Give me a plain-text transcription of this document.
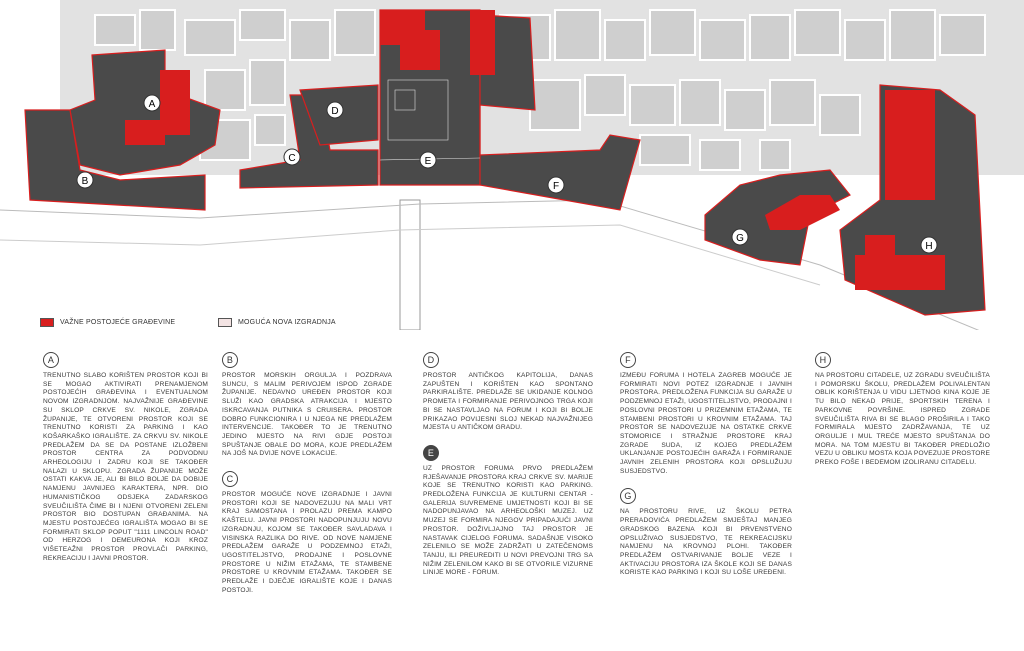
A
B
C
D
E
F
G
H
VAŽNE POSTOJEĆE GRAĐEVINE	MOGUĆA NOVA IZGRADNJA
A
TRENUTNO SLABO KORIŠTEN PROSTOR KOJI BI SE MOGAO AKTIVIRATI PRENAMJENOM POSTOJEĆIH GRAĐEVINA I EVENTUALNOM NOVOM IZGRADNJOM. NAJVAŽNIJE GRAĐEVINE SU SKLOP CRKVE SV. NIKOLE, ZGRADA ŽUPANIJE, TE OTVORENI PROSTOR KOJI SE TRENUTNO KORISTI ZA PARKING I KAO KOŠARKAŠKO IGRALIŠTE. ZA CRKVU SV. NIKOLE PREDLAŽEM DA SE DA POSTANE IZLOŽBENI PROSTOR CENTRA ZA PODVODNU ARHEOLOGIJU I ZADRU KOJI SE TAKOĐER NALAZI U SKLOPU. ZGRADA ŽUPANIJE MOŽE OSTATI KAKVA JE, ALI BI BILO BOLJE DA DOBIJE NAMJENU JAVNIJEG KARAKTERA, NPR. DIO HUMANISTIČKOG ODSJEKA ZADARSKOG SVEUČILIŠTA ČIME BI I NJENI OTVORENI ZELENI PROSTOR BIO DOSTUPAN GRAĐANIMA. NA MJESTU POSTOJEĆEG IGRALIŠTA MOGAO BI SE FORMIRATI SKLOP POPUT "1111 LINCOLN ROAD" OD HERZOG I DEMEURONA KOJI KROZ VIŠETEAŽNI PROSTOR PROVLAČI PARKING, REKREACIJU I JAVNI PROSTOR.
B
PROSTOR MORSKIH ORGULJA I POZDRAVA SUNCU, S MALIM PERIVOJEM ISPOD ZGRADE ŽUPANIJE. NEDAVNO UREĐEN PROSTOR KOJI SLUŽI KAO GRADSKA ATRAKCIJA I MJESTO ISKRCAVANJA PUTNIKA S CRUISERA. PROSTOR DOBRO FUNKCIONIRA I U NJEGA NE PREDLAŽEM INTERVENCIJE. TAKOĐER TO JE TRENUTNO JEDINO MJESTO NA RIVI GDJE POSTOJI SPUŠTANJE OBALE DO MORA, KOJE PREDLAŽEM NA JOŠ NA DVIJE NOVE LOKACIJE.
C
PROSTOR MOGUĆE NOVE IZGRADNJE I JAVNI PROSTORI KOJI SE NADOVEZUJU NA MALI VRT KRAJ SAMOSTANA I PROLAZU PREMA KAMPO KAŠTELU. JAVNI PROSTORI NADOPUNJUJU NOVU IZGRADNJU, KOJOM SE TAKOĐER SAVLADAVA I VISINSKA RAZLIKA DO RIVE. OD NOVE NAMJENE PREDLAŽEM GARAŽE U PODZEMNOJ ETAŽI, UGOSTITELJSTVO, PRODAJNE I POSLOVNE PROSTORE U NIŽIM ETAŽAMA, TE STAMBENE PROSTORE U KROVNIM ETAŽAMA. TAKOĐER SE PREDLAŽE I DJEČJE IGRALIŠTE KOJE I DANAS POSTOJI.
D
PROSTOR ANTIČKOG KAPITOLIJA, DANAS ZAPUŠTEN I KORIŠTEN KAO SPONTANO PARKIRALIŠTE. PREDLAŽE SE UKIDANJE KOLNOG PROMETA I FORMIRANJE PERIVOJNOG TRGA KOJI BI SE NASTAVLJAO NA FORUM I KOJI BI BOLJE PRIKAZAO POVIJESNI SLOJ NEKAD NAJVAŽNIJEG MJESTA U ANTIČKOM GRADU.
E
UZ PROSTOR FORUMA PRVO PREDLAŽEM RJEŠAVANJE PROSTORA KRAJ CRKVE SV. MARIJE KOJE SE TRENUTNO KORISTI KAO PARKING. PREDLOŽENA FUNKCIJA JE KULTURNI CENTAR - GALERIJA SUVREMENE UMJETNOSTI KOJI BI SE NADOPUNJAVAO NA ARHEOLOŠKI MUZEJ. UZ MUZEJ SE FORMIRA NJEGOV PRIPADAJUĆI JAVNI PROSTOR. DOŽIVLJAJNO TAJ PROSTOR JE NASTAVAK CIJELOG FORUMA. SADAŠNJE VISOKO ZELENILO SE MOŽE ZADRŽATI U ZATEČENOMS TANJU, ILI PREUREDITI U NOVI PREVOJNI TRG SA NIŽIM ZELENILOM KAKO BI SE OTVORILE VIZURNE LINIJE MORE - FORUM.
F
IZMEĐU FORUMA I HOTELA ZAGREB MOGUĆE JE FORMIRATI NOVI POTEZ IZGRADNJE I JAVNIH PROSTORA. PREDLOŽENA FUNKCIJA SU GARAŽE U PODZEMNOJ ETAŽI, UGOSTITELJSTVO, PRODAJNI I POSLOVNI PROSTORI U PRIZEMNIM ETAŽAMA, TE STAMBENI PROSTORI U KROVNIM ETAŽAMA. TAJ PROSTOR SE NADOVEZUJE NA OSTATKE CRKVE STOMORICE I STRAŽNJE PROSTORE KRAJ ZGRADE SUDA, IZ KOJEG PREDLAŽEM UKLANJANJE POSTOJEĆIH GARAŽA I FORMIRANJE JAVNIH ZELENIH PROSTORA KOJI OPSLUŽUJU SUSJEDSTVO.
G
NA PROSTORU RIVE, UZ ŠKOLU PETRA PRERADOVIĆA PREDLAŽEM SMJEŠTAJ MANJEG GRADSKOG BAZENA KOJI BI PRVENSTVENO OPSLUŽIVAO SUSJEDSTVO, TE REKREACIJSKU NAMJENU NA KROVNOJ PLOHI. TAKOĐER PREDLAŽEM OSTVARIVANJE BOLJE VEZE I AKTIVACIJU PROSTORA IZA ŠKOLE KOJI SE DANAS KORISTE KAO PARKING I KOJI SU LOŠE UREĐENI.
H
NA PROSTORU CITADELE, UZ ZGRADU SVEUČILIŠTA I POMORSKU ŠKOLU, PREDLAŽEM POLIVALENTAN OBLIK KORIŠTENJA U VIDU LJETNOG KINA KOJE JE TU BILO NEKAD PRIJE, SPORTSKIH TERENA I PARKOVNE POVRŠINE. ISPRED ZGRADE SVEUČILIŠTA RIVA BI SE BLAGO PROŠIRILA I TAKO FORMIRALA MJESTO ZADRŽAVANJA, TE UZ ORGULJE I MUL TREĆE MJESTO SPUŠTANJA DO MORA. NA TOM MJESTU BI TAKOĐER PREDLOŽIO VEZU U OBLIKU MOSTA KOJA POVEZUJE PROSTORE PREKO FOŠE I BEDEMOM IZOLIRANU CITADELU.
